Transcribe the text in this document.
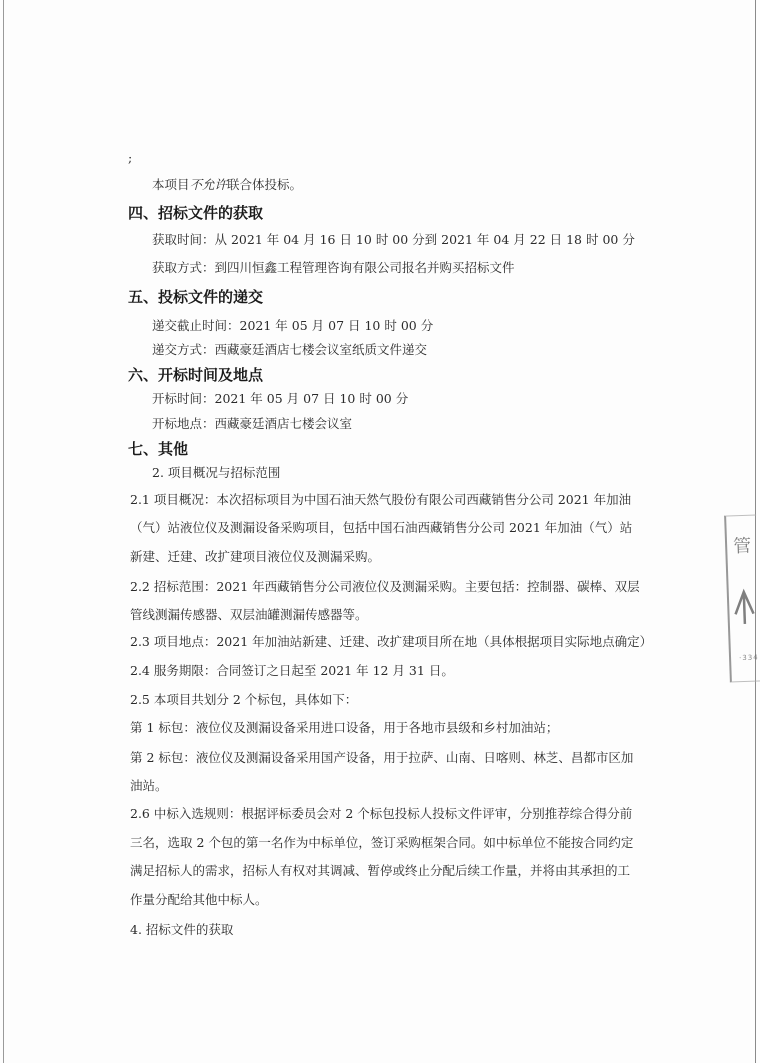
;
本项目不允许联合体投标。
四、招标文件的获取
获取时间：从 2021 年 04 月 16 日 10 时 00 分到 2021 年 04 月 22 日 18 时 00 分
获取方式：到四川恒鑫工程管理咨询有限公司报名并购买招标文件
五、投标文件的递交
递交截止时间：2021 年 05 月 07 日 10 时 00 分
递交方式：西藏豪廷酒店七楼会议室纸质文件递交
六、开标时间及地点
开标时间：2021 年 05 月 07 日 10 时 00 分
开标地点：西藏豪廷酒店七楼会议室
七、其他
2. 项目概况与招标范围
2.1 项目概况：本次招标项目为中国石油天然气股份有限公司西藏销售分公司 2021 年加油
（气）站液位仪及测漏设备采购项目，包括中国石油西藏销售分公司 2021 年加油（气）站
新建、迁建、改扩建项目液位仪及测漏采购。
2.2 招标范围：2021 年西藏销售分公司液位仪及测漏采购。主要包括：控制器、碳棒、双层
管线测漏传感器、双层油罐测漏传感器等。
2.3 项目地点：2021 年加油站新建、迁建、改扩建项目所在地（具体根据项目实际地点确定）
2.4 服务期限：合同签订之日起至 2021 年 12 月 31 日。
2.5 本项目共划分 2 个标包，具体如下：
第 1 标包：液位仪及测漏设备采用进口设备，用于各地市县级和乡村加油站；
第 2 标包：液位仪及测漏设备采用国产设备，用于拉萨、山南、日喀则、林芝、昌都市区加
油站。
2.6 中标入选规则：根据评标委员会对 2 个标包投标人投标文件评审，分别推荐综合得分前
三名，选取 2 个包的第一名作为中标单位，签订采购框架合同。如中标单位不能按合同约定
满足招标人的需求，招标人有权对其调减、暂停或终止分配后续工作量，并将由其承担的工
作量分配给其他中标人。
4. 招标文件的获取
管
·334
